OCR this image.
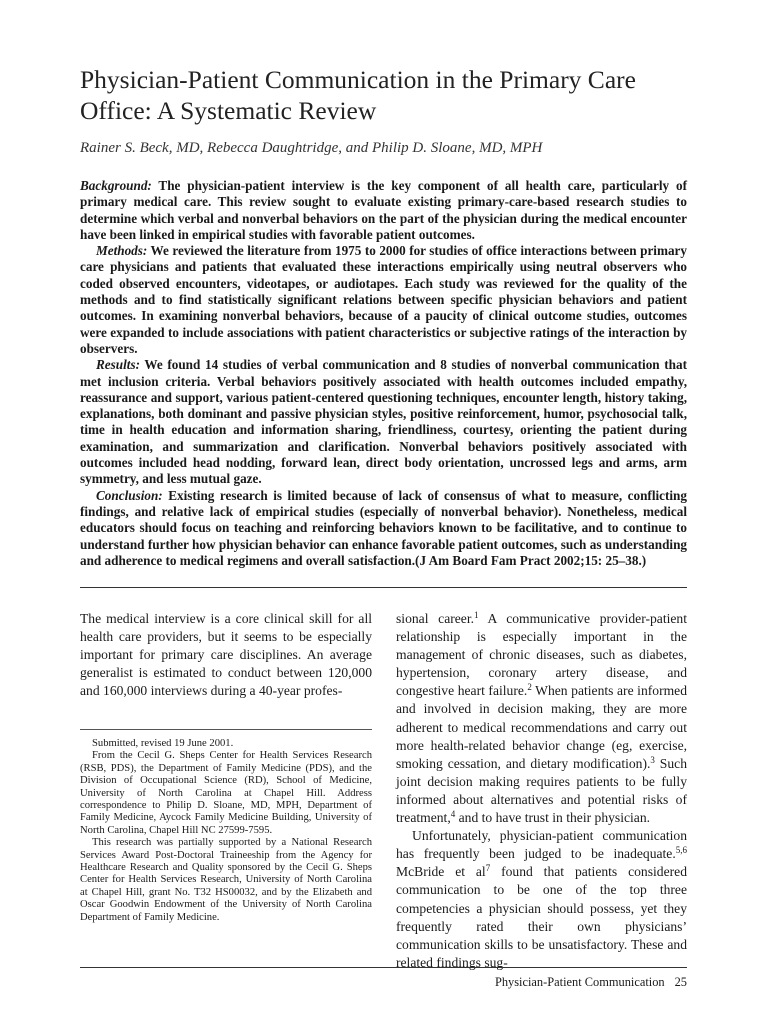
Physician-Patient Communication in the Primary Care Office: A Systematic Review
Rainer S. Beck, MD, Rebecca Daughtridge, and Philip D. Sloane, MD, MPH

Background: The physician-patient interview is the key component of all health care, particularly of primary medical care. This review sought to evaluate existing primary-care-based research studies to determine which verbal and nonverbal behaviors on the part of the physician during the medical encounter have been linked in empirical studies with favorable patient outcomes.

Methods: We reviewed the literature from 1975 to 2000 for studies of office interactions between primary care physicians and patients that evaluated these interactions empirically using neutral observers who coded observed encounters, videotapes, or audiotapes. Each study was reviewed for the quality of the methods and to find statistically significant relations between specific physician behaviors and patient outcomes. In examining nonverbal behaviors, because of a paucity of clinical outcome studies, outcomes were expanded to include associations with patient characteristics or subjective ratings of the interaction by observers.

Results: We found 14 studies of verbal communication and 8 studies of nonverbal communication that met inclusion criteria. Verbal behaviors positively associated with health outcomes included empathy, reassurance and support, various patient-centered questioning techniques, encounter length, history taking, explanations, both dominant and passive physician styles, positive reinforcement, humor, psychosocial talk, time in health education and information sharing, friendliness, courtesy, orienting the patient during examination, and summarization and clarification. Nonverbal behaviors positively associated with outcomes included head nodding, forward lean, direct body orientation, uncrossed legs and arms, arm symmetry, and less mutual gaze.

Conclusion: Existing research is limited because of lack of consensus of what to measure, conflicting findings, and relative lack of empirical studies (especially of nonverbal behavior). Nonetheless, medical educators should focus on teaching and reinforcing behaviors known to be facilitative, and to continue to understand further how physician behavior can enhance favorable patient outcomes, such as understanding and adherence to medical regimens and overall satisfaction.(J Am Board Fam Pract 2002;15: 25–38.)

The medical interview is a core clinical skill for all health care providers, but it seems to be especially important for primary care disciplines. An average generalist is estimated to conduct between 120,000 and 160,000 interviews during a 40-year profes-

Submitted, revised 19 June 2001.

From the Cecil G. Sheps Center for Health Services Research (RSB, PDS), the Department of Family Medicine (PDS), and the Division of Occupational Science (RD), School of Medicine, University of North Carolina at Chapel Hill. Address correspondence to Philip D. Sloane, MD, MPH, Department of Family Medicine, Aycock Family Medicine Building, University of North Carolina, Chapel Hill NC 27599-7595.

This research was partially supported by a National Research Services Award Post-Doctoral Traineeship from the Agency for Healthcare Research and Quality sponsored by the Cecil G. Sheps Center for Health Services Research, University of North Carolina at Chapel Hill, grant No. T32 HS00032, and by the Elizabeth and Oscar Goodwin Endowment of the University of North Carolina Department of Family Medicine.

sional career.$^1$ A communicative provider-patient relationship is especially important in the management of chronic diseases, such as diabetes, hypertension, coronary artery disease, and congestive heart failure.$^2$ When patients are informed and involved in decision making, they are more adherent to medical recommendations and carry out more health-related behavior change (eg, exercise, smoking cessation, and dietary modification).$^3$ Such joint decision making requires patients to be fully informed about alternatives and potential risks of treatment,$^4$ and to have trust in their physician.

Unfortunately, physician-patient communication has frequently been judged to be inadequate.$^{5,6}$ McBride et $al^7$ found that patients considered communication to be one of the top three competencies a physician should possess, yet they frequently rated their own physicians’ communication skills to be unsatisfactory. These and related findings sug-

Physician-Patient Communication 25
